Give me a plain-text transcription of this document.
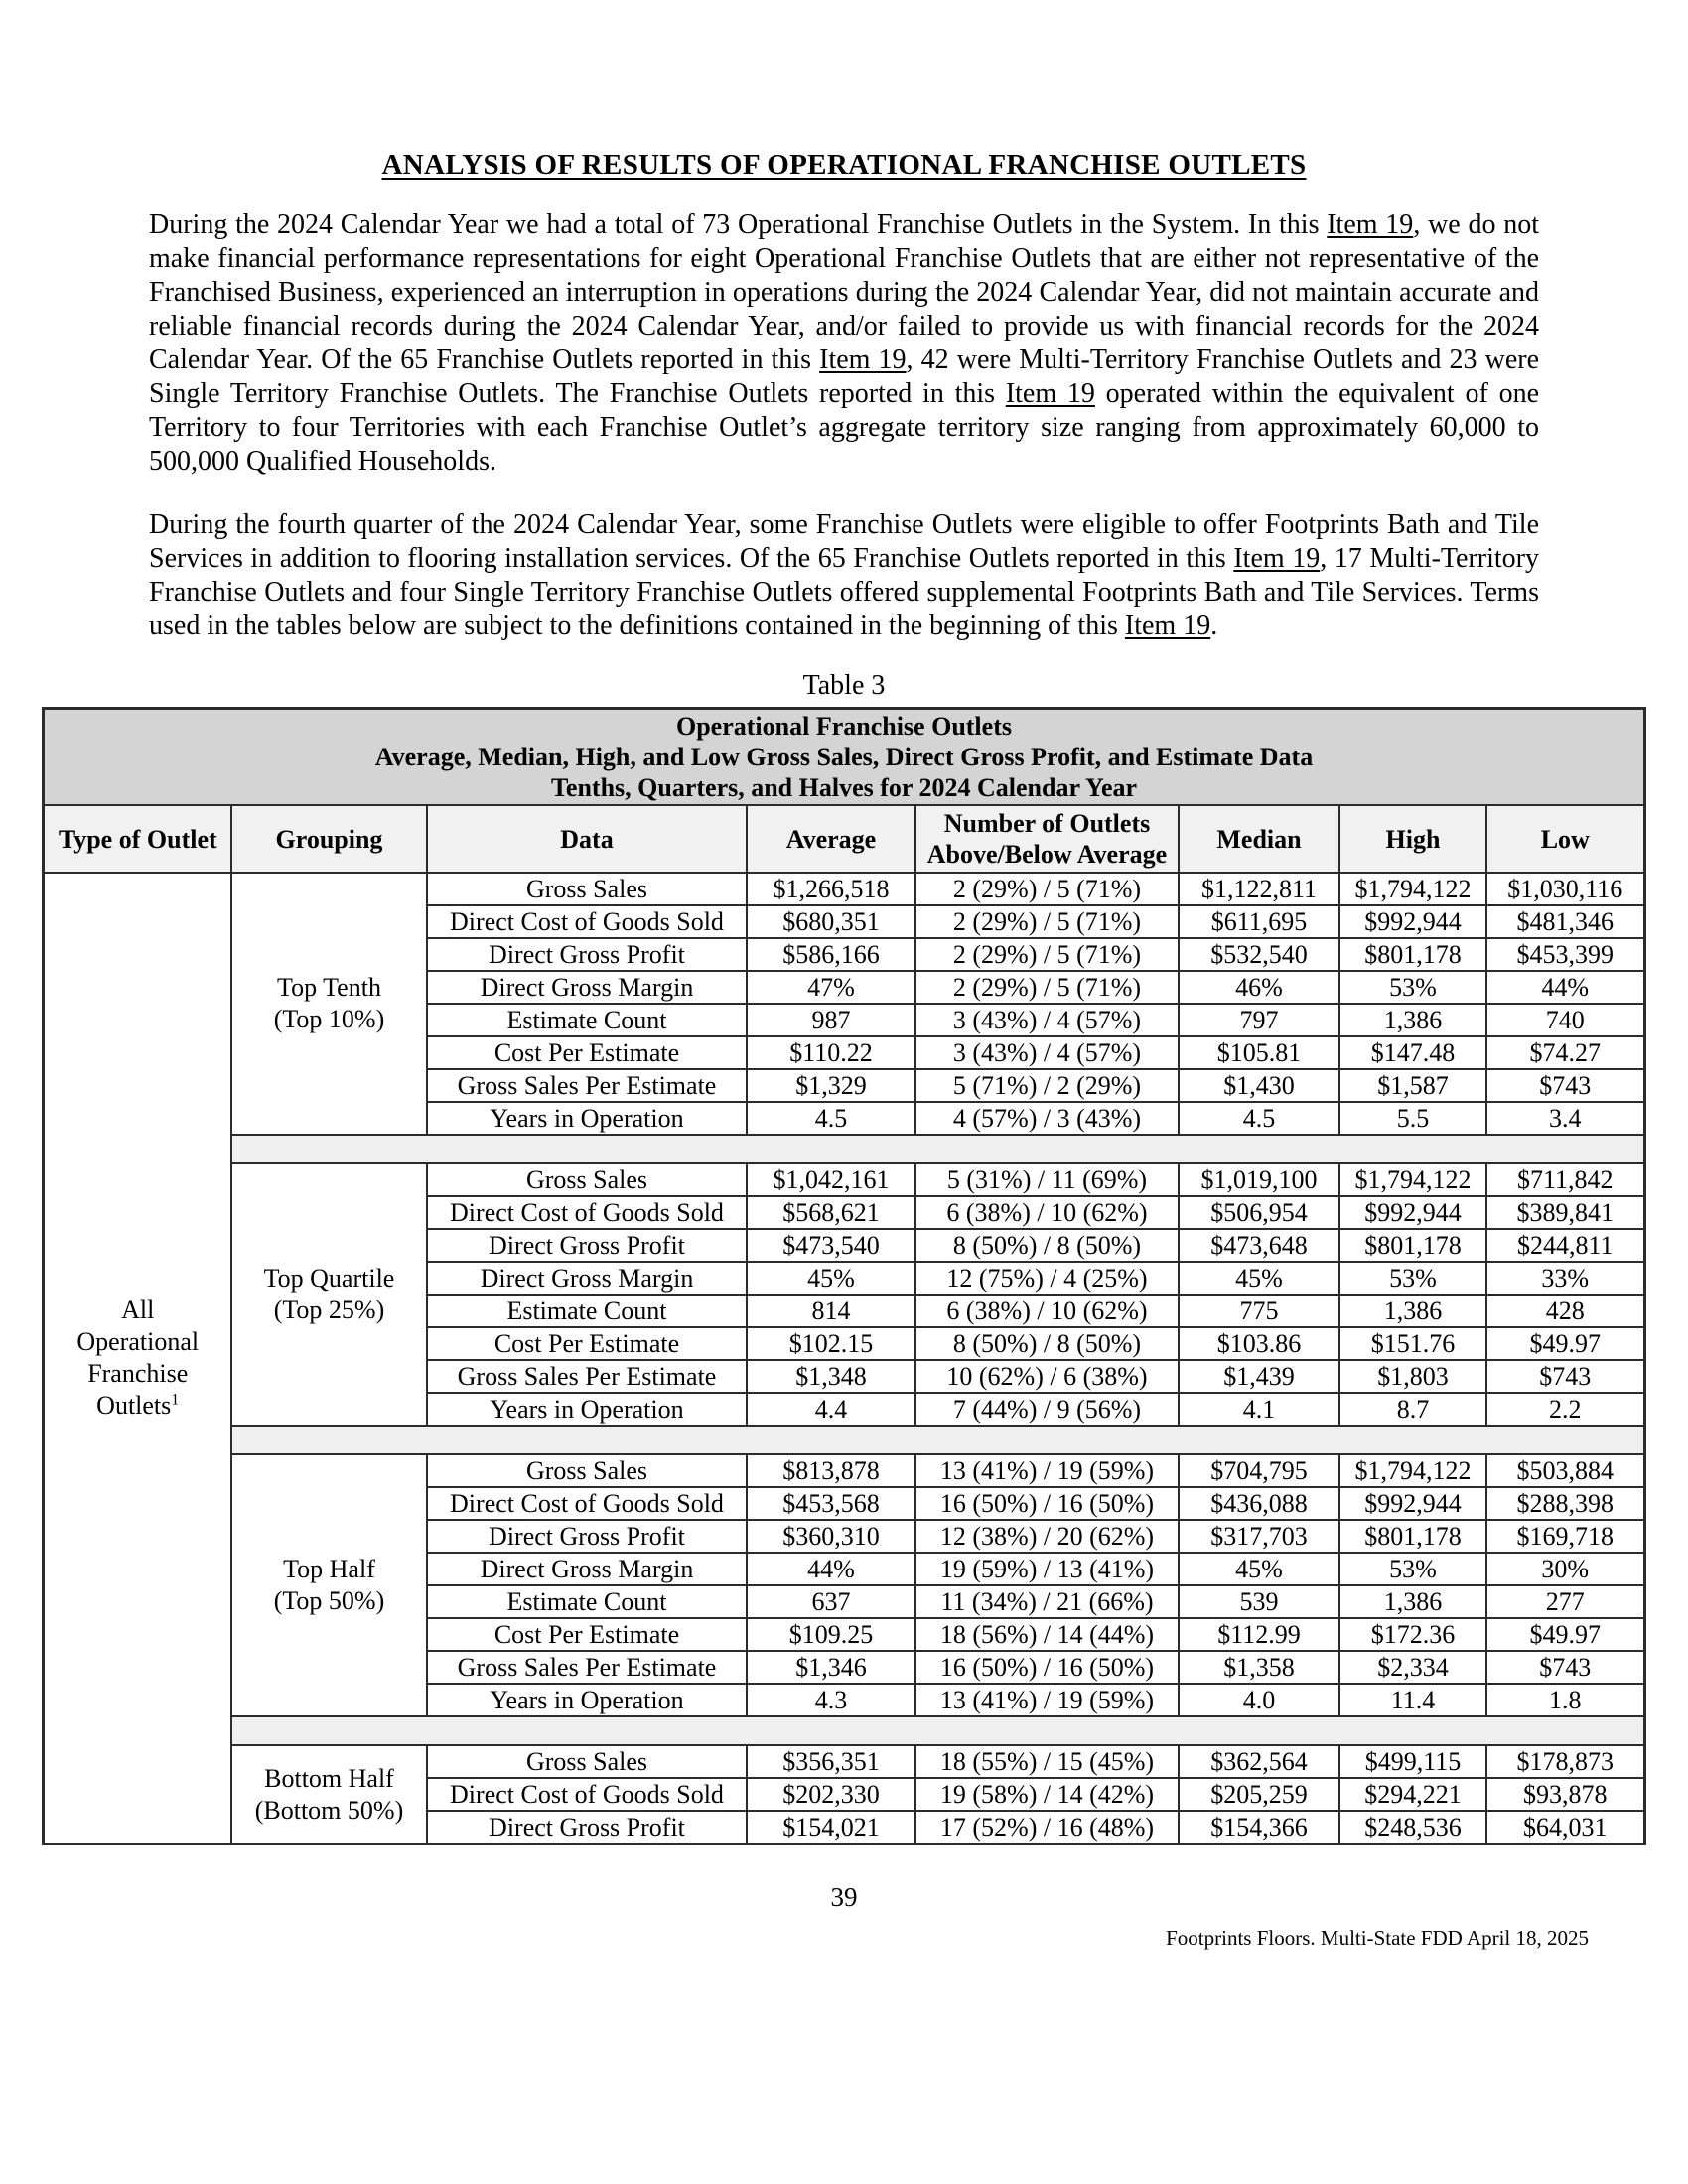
ANALYSIS OF RESULTS OF OPERATIONAL FRANCHISE OUTLETS

During the 2024 Calendar Year we had a total of 73 Operational Franchise Outlets in the System. In this Item 19, we do not make financial performance representations for eight Operational Franchise Outlets that are either not representative of the Franchised Business, experienced an interruption in operations during the 2024 Calendar Year, did not maintain accurate and reliable financial records during the 2024 Calendar Year, and/or failed to provide us with financial records for the 2024 Calendar Year. Of the 65 Franchise Outlets reported in this Item 19, 42 were Multi-Territory Franchise Outlets and 23 were Single Territory Franchise Outlets. The Franchise Outlets reported in this Item 19 operated within the equivalent of one Territory to four Territories with each Franchise Outlet’s aggregate territory size ranging from approximately 60,000 to 500,000 Qualified Households.

During the fourth quarter of the 2024 Calendar Year, some Franchise Outlets were eligible to offer Footprints Bath and Tile Services in addition to flooring installation services. Of the 65 Franchise Outlets reported in this Item 19, 17 Multi-Territory Franchise Outlets and four Single Territory Franchise Outlets offered supplemental Footprints Bath and Tile Services. Terms used in the tables below are subject to the definitions contained in the beginning of this Item 19.

Table 3
Operational Franchise Outlets
Average, Median, High, and Low Gross Sales, Direct Gross Profit, and Estimate Data
Tenths, Quarters, and Halves for 2024 Calendar Year							

Type of Outlet	Grouping	Data	Average	Number of Outlets Above/Below Average	Median	High	Low
All
Operational
Franchise
Outlets$^1$	Top Tenth
(Top 10%)	Gross Sales	$1,266,518	2 (29%) / 5 (71%)	$1,122,811	$1,794,122	$1,030,116
		Direct Cost of Goods Sold	$680,351	2 (29%) / 5 (71%)	$611,695	$992,944	$481,346
		Direct Gross Profit	$586,166	2 (29%) / 5 (71%)	$532,540	$801,178	$453,399
		Direct Gross Margin	47%	2 (29%) / 5 (71%)	46%	53%	44%
		Estimate Count	987	3 (43%) / 4 (57%)	797	1,386	740
		Cost Per Estimate	$110.22	3 (43%) / 4 (57%)	$105.81	$147.48	$74.27
		Gross Sales Per Estimate	$1,329	5 (71%) / 2 (29%)	$1,430	$1,587	$743
		Years in Operation	4.5	4 (57%) / 3 (43%)	4.5	5.5	3.4

	Top Quartile
(Top 25%)	Gross Sales	$1,042,161	5 (31%) / 11 (69%)	$1,019,100	$1,794,122	$711,842
		Direct Cost of Goods Sold	$568,621	6 (38%) / 10 (62%)	$506,954	$992,944	$389,841
		Direct Gross Profit	$473,540	8 (50%) / 8 (50%)	$473,648	$801,178	$244,811
		Direct Gross Margin	45%	12 (75%) / 4 (25%)	45%	53%	33%
		Estimate Count	814	6 (38%) / 10 (62%)	775	1,386	428
		Cost Per Estimate	$102.15	8 (50%) / 8 (50%)	$103.86	$151.76	$49.97
		Gross Sales Per Estimate	$1,348	10 (62%) / 6 (38%)	$1,439	$1,803	$743
		Years in Operation	4.4	7 (44%) / 9 (56%)	4.1	8.7	2.2

	Top Half
(Top 50%)	Gross Sales	$813,878	13 (41%) / 19 (59%)	$704,795	$1,794,122	$503,884
		Direct Cost of Goods Sold	$453,568	16 (50%) / 16 (50%)	$436,088	$992,944	$288,398
		Direct Gross Profit	$360,310	12 (38%) / 20 (62%)	$317,703	$801,178	$169,718
		Direct Gross Margin	44%	19 (59%) / 13 (41%)	45%	53%	30%
		Estimate Count	637	11 (34%) / 21 (66%)	539	1,386	277
		Cost Per Estimate	$109.25	18 (56%) / 14 (44%)	$112.99	$172.36	$49.97
		Gross Sales Per Estimate	$1,346	16 (50%) / 16 (50%)	$1,358	$2,334	$743
		Years in Operation	4.3	13 (41%) / 19 (59%)	4.0	11.4	1.8

	Bottom Half
(Bottom 50%)	Gross Sales	$356,351	18 (55%) / 15 (45%)	$362,564	$499,115	$178,873
		Direct Cost of Goods Sold	$202,330	19 (58%) / 14 (42%)	$205,259	$294,221	$93,878
		Direct Gross Profit	$154,021	17 (52%) / 16 (48%)	$154,366	$248,536	$64,031
39
Footprints Floors. Multi-State FDD April 18, 2025
